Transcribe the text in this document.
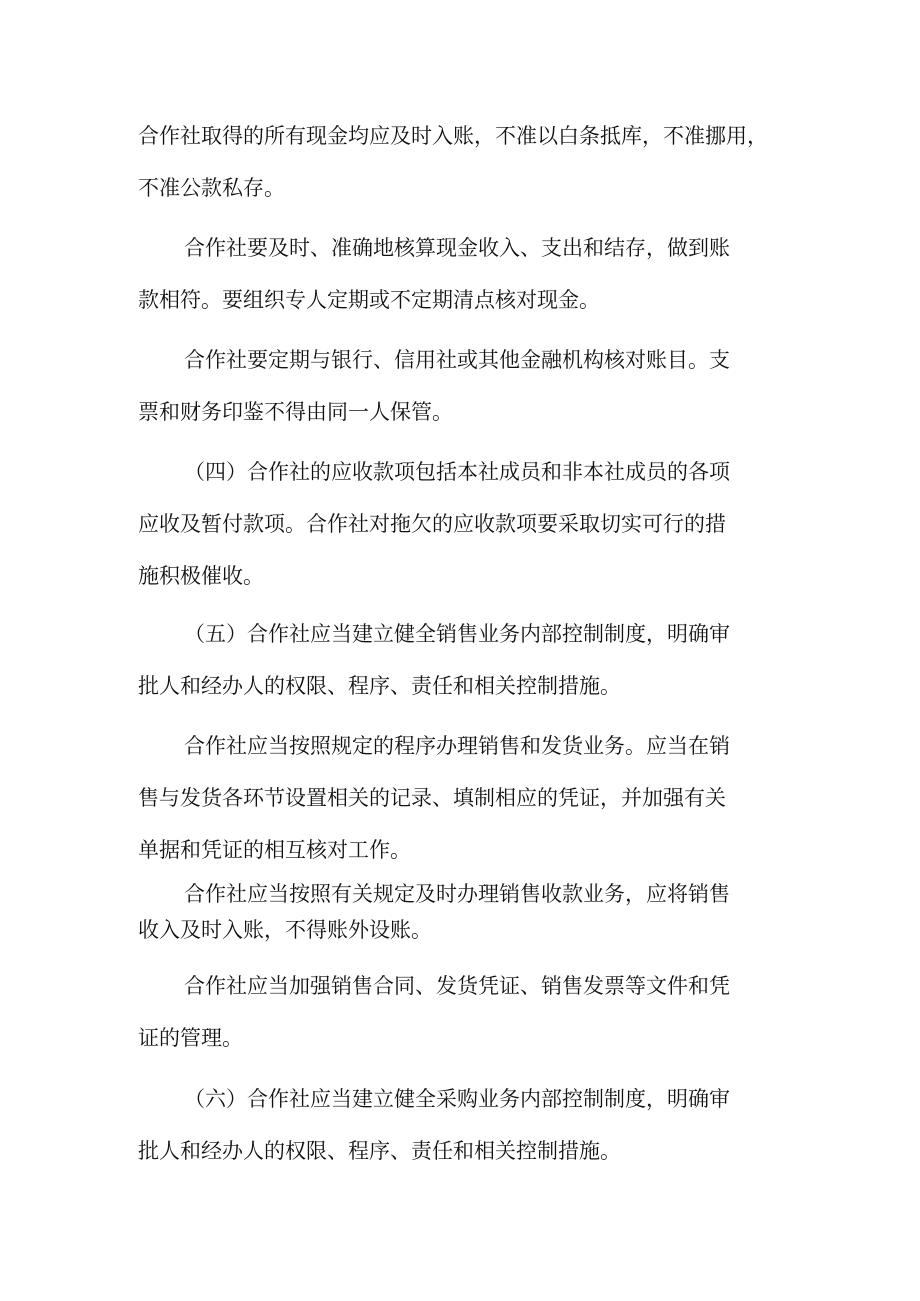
合作社取得的所有现金均应及时入账，不准以白条抵库，不准挪用，
不准公款私存。

合作社要及时、准确地核算现金收入、支出和结存，做到账
款相符。要组织专人定期或不定期清点核对现金。

合作社要定期与银行、信用社或其他金融机构核对账目。支
票和财务印鉴不得由同一人保管。

（四）合作社的应收款项包括本社成员和非本社成员的各项
应收及暂付款项。合作社对拖欠的应收款项要采取切实可行的措
施积极催收。

（五）合作社应当建立健全销售业务内部控制制度，明确审
批人和经办人的权限、程序、责任和相关控制措施。

合作社应当按照规定的程序办理销售和发货业务。应当在销
售与发货各环节设置相关的记录、填制相应的凭证，并加强有关
单据和凭证的相互核对工作。

合作社应当按照有关规定及时办理销售收款业务，应将销售
收入及时入账，不得账外设账。

合作社应当加强销售合同、发货凭证、销售发票等文件和凭
证的管理。

（六）合作社应当建立健全采购业务内部控制制度，明确审
批人和经办人的权限、程序、责任和相关控制措施。
